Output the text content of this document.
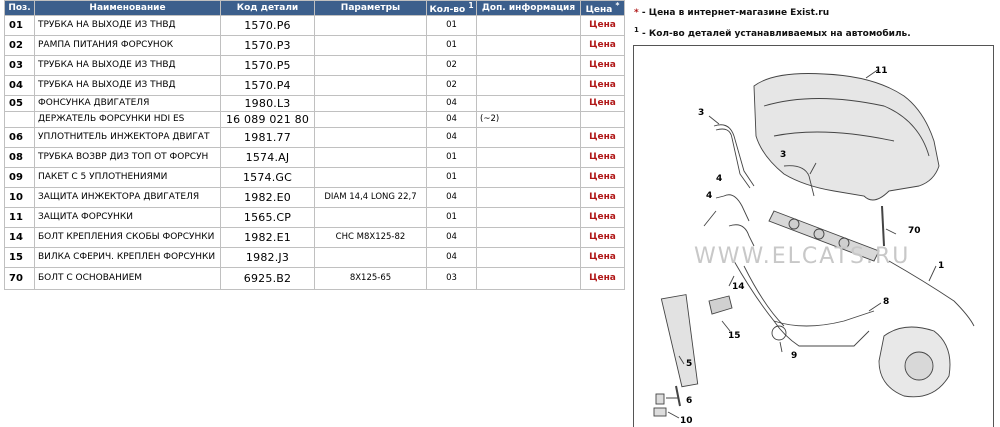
Поз.	Наименование	Код детали	Параметры	Кол-во $^1$	Доп. информация	Цена *
01	ТРУБКА НА ВЫХОДЕ ИЗ ТНВД	1570.P6		01		Цена
02	РАМПА ПИТАНИЯ ФОРСУНОК	1570.P3		01		Цена
03	ТРУБКА НА ВЫХОДЕ ИЗ ТНВД	1570.P5		02		Цена
04	ТРУБКА НА ВЫХОДЕ ИЗ ТНВД	1570.P4		02		Цена
05	ФОНСУНКА ДВИГАТЕЛЯ	1980.L3		04		Цена
	ДЕРЖАТЕЛЬ ФОРСУНКИ HDI ES	16 089 021 80		04	(~2)	
06	УПЛОТНИТЕЛЬ ИНЖЕКТОРА ДВИГАТ	1981.77		04		Цена
08	ТРУБКА ВОЗВР ДИЗ ТОП ОТ ФОРСУН	1574.AJ		01		Цена
09	ПАКЕТ С 5 УПЛОТНЕНИЯМИ	1574.GC		01		Цена
10	ЗАЩИТА ИНЖЕКТОРА ДВИГАТЕЛЯ	1982.E0	DIAM 14,4 LONG 22,7	04		Цена
11	ЗАЩИТА ФОРСУНКИ	1565.CP		01		Цена
14	БОЛТ КРЕПЛЕНИЯ СКОБЫ ФОРСУНКИ	1982.E1	CHC M8X125-82	04		Цена
15	ВИЛКА СФЕРИЧ. КРЕПЛЕН ФОРСУНКИ	1982.J3		04		Цена
70	БОЛТ С ОСНОВАНИЕМ	6925.B2	8X125-65	03		Цена
* - Цена в интернет-магазине Exist.ru
$^1$ - Кол-во деталей устанавливаемых на автомобиль.
WWW.ELCATS.RU
11
3
3
4
4
70
1
14
8
15
9
5
6
10
